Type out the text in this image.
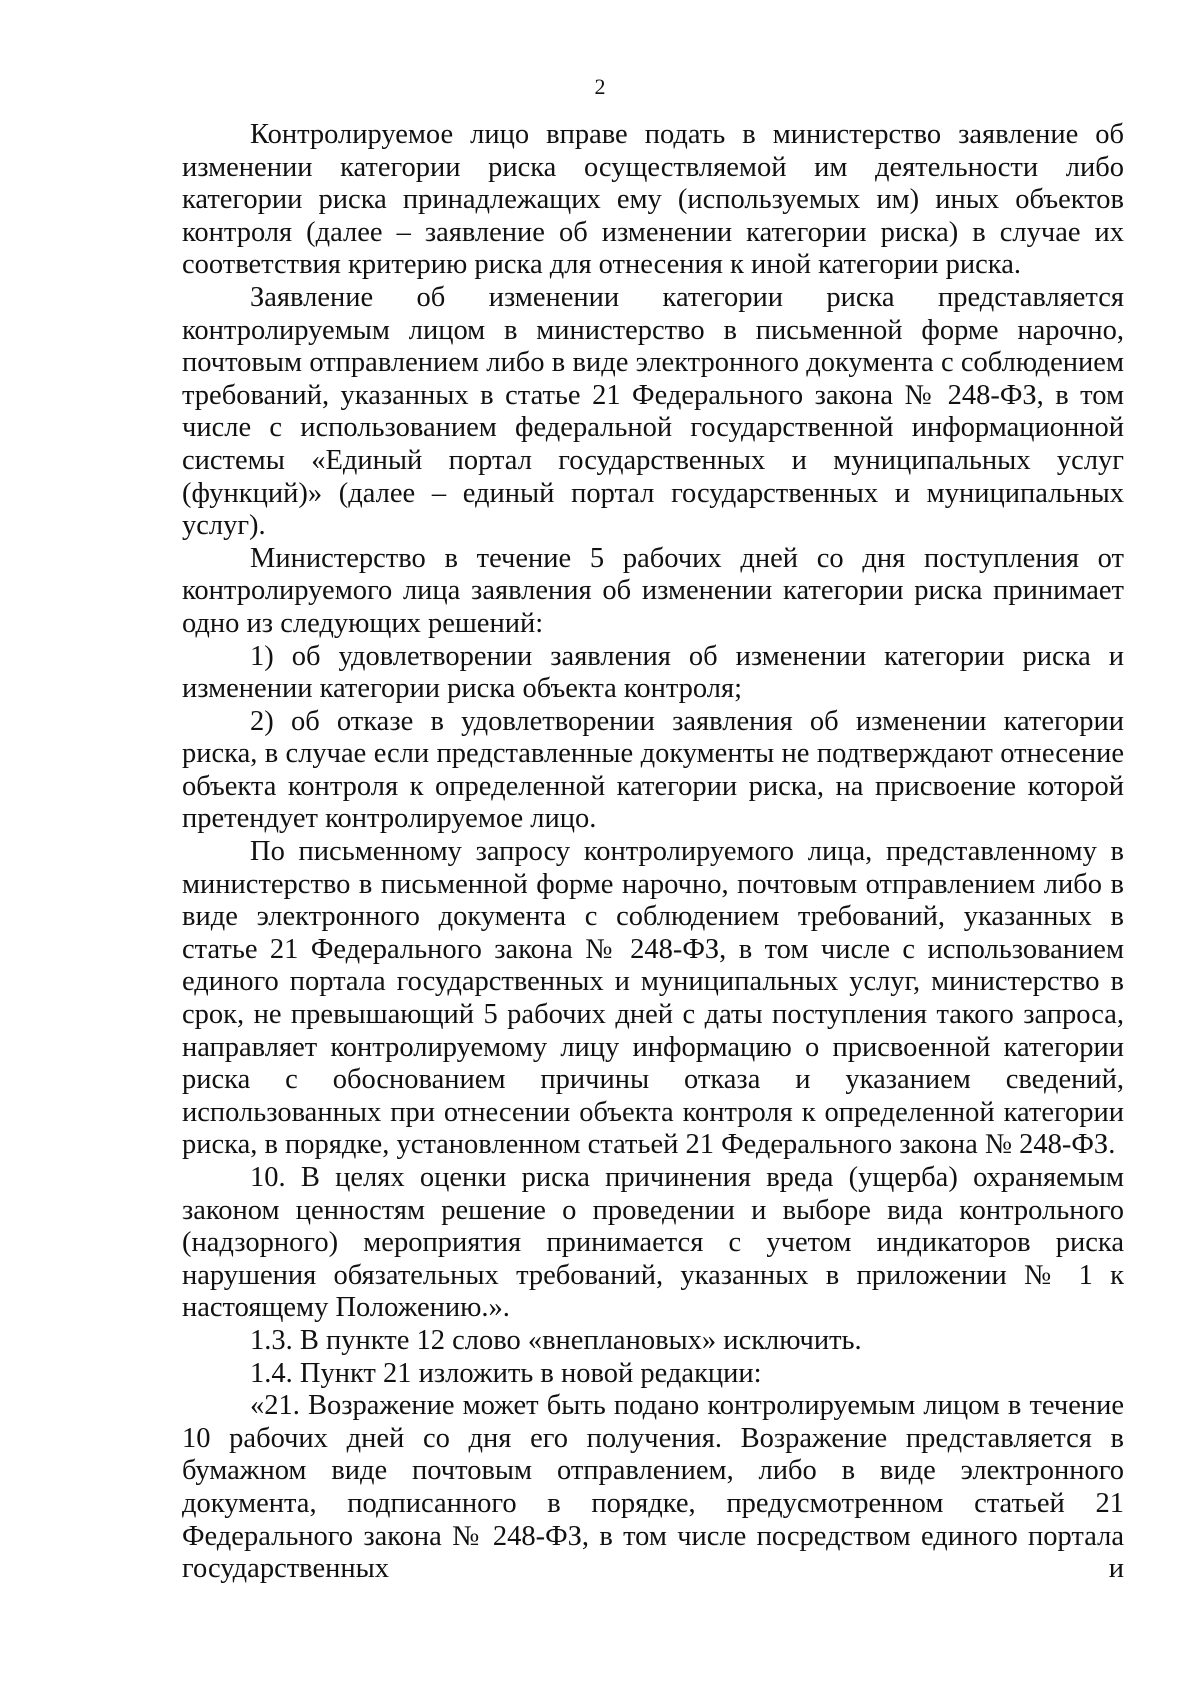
2

Контролируемое лицо вправе подать в министерство заявление об изменении категории риска осуществляемой им деятельности либо категории риска принадлежащих ему (используемых им) иных объектов контроля (далее – заявление об изменении категории риска) в случае их соответствия критерию риска для отнесения к иной категории риска.

Заявление об изменении категории риска представляется контролируемым лицом в министерство в письменной форме нарочно, почтовым отправлением либо в виде электронного документа с соблюдением требований, указанных в статье 21 Федерального закона № 248-ФЗ, в том числе с использованием федеральной государственной информационной системы «Единый портал государственных и муниципальных услуг (функций)» (далее – единый портал государственных и муниципальных услуг).

Министерство в течение 5 рабочих дней со дня поступления от контролируемого лица заявления об изменении категории риска принимает одно из следующих решений:

1) об удовлетворении заявления об изменении категории риска и изменении категории риска объекта контроля;

2) об отказе в удовлетворении заявления об изменении категории риска, в случае если представленные документы не подтверждают отнесение объекта контроля к определенной категории риска, на присвоение которой претендует контролируемое лицо.

По письменному запросу контролируемого лица, представленному в министерство в письменной форме нарочно, почтовым отправлением либо в виде электронного документа с соблюдением требований, указанных в статье 21 Федерального закона № 248-ФЗ, в том числе с использованием единого портала государственных и муниципальных услуг, министерство в срок, не превышающий 5 рабочих дней с даты поступления такого запроса, направляет контролируемому лицу информацию о присвоенной категории риска с обоснованием причины отказа и указанием сведений, использованных при отнесении объекта контроля к определенной категории риска, в порядке, установленном статьей 21 Федерального закона № 248-ФЗ.

10. В целях оценки риска причинения вреда (ущерба) охраняемым законом ценностям решение о проведении и выборе вида контрольного (надзорного) мероприятия принимается с учетом индикаторов риска нарушения обязательных требований, указанных в приложении № 1 к настоящему Положению.».

1.3. В пункте 12 слово «внеплановых» исключить.

1.4. Пункт 21 изложить в новой редакции:

«21. Возражение может быть подано контролируемым лицом в течение 10 рабочих дней со дня его получения. Возражение представляется в бумажном виде почтовым отправлением, либо в виде электронного документа, подписанного в порядке, предусмотренном статьей 21 Федерального закона № 248-ФЗ, в том числе посредством единого портала государственных и
